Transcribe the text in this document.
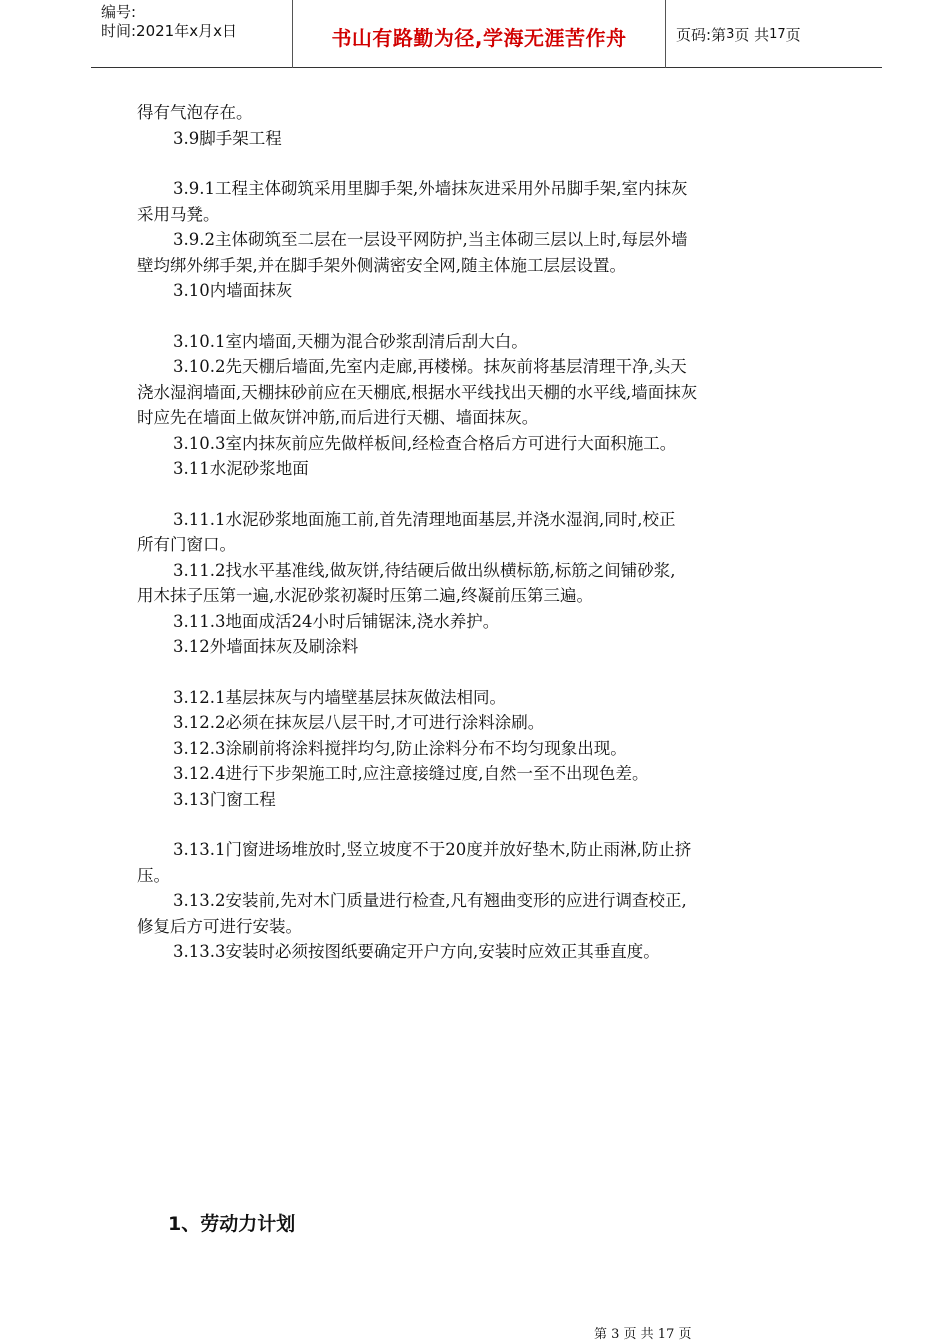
编号:
时间:2021年x月x日	书山有路勤为径,学海无涯苦作舟	页码:第 3 页 共 17 页
得有气泡存在。
3.9脚手架工程
3.9.1工程主体砌筑采用里脚手架,外墙抹灰进采用外吊脚手架,室内抹灰
采用马凳。
3.9.2主体砌筑至二层在一层设平网防护,当主体砌三层以上时,每层外墙
壁均绑外绑手架,并在脚手架外侧满密安全网,随主体施工层层设置。
3.10内墙面抹灰
3.10.1室内墙面,天棚为混合砂浆刮清后刮大白。
3.10.2先天棚后墙面,先室内走廊,再楼梯。抹灰前将基层清理干净,头天
浇水湿润墙面,天棚抹砂前应在天棚底,根据水平线找出天棚的水平线,墙面抹灰
时应先在墙面上做灰饼冲筋,而后进行天棚、墙面抹灰。
3.10.3室内抹灰前应先做样板间,经检查合格后方可进行大面积施工。
3.11水泥砂浆地面
3.11.1水泥砂浆地面施工前,首先清理地面基层,并浇水湿润,同时,校正
所有门窗口。
3.11.2找水平基准线,做灰饼,待结硬后做出纵横标筋,标筋之间铺砂浆,
用木抹子压第一遍,水泥砂浆初凝时压第二遍,终凝前压第三遍。
3.11.3地面成活24小时后铺锯沫,浇水养护。
3.12外墙面抹灰及刷涂料
3.12.1基层抹灰与内墙壁基层抹灰做法相同。
3.12.2必须在抹灰层八层干时,才可进行涂料涂刷。
3.12.3涂刷前将涂料搅拌均匀,防止涂料分布不均匀现象出现。
3.12.4进行下步架施工时,应注意接缝过度,自然一至不出现色差。
3.13门窗工程
3.13.1门窗进场堆放时,竖立坡度不于20度并放好垫木,防止雨淋,防止挤
压。
3.13.2安装前,先对木门质量进行检查,凡有翘曲变形的应进行调查校正,
修复后方可进行安装。
3.13.3安装时必须按图纸要确定开户方向,安装时应效正其垂直度。
1、劳动力计划
第 3 页 共 17 页
